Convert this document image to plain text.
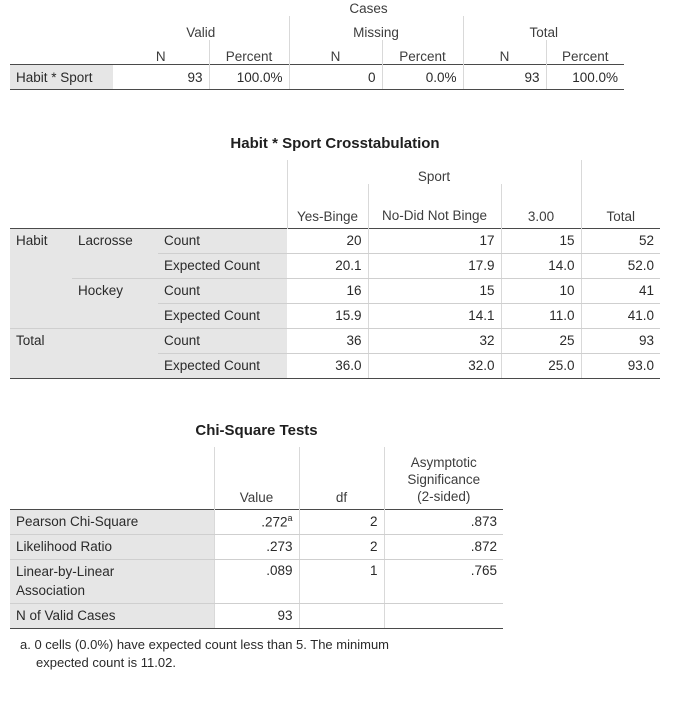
	Cases					
	Valid		Missing		Total	
	N	Percent	N	Percent	N	Percent
Habit * Sport	93	100.0%	0	0.0%	93	100.0%
Habit * Sport Crosstabulation
			Sport			
			Yes-Binge	No-Did Not Binge	3.00	Total
Habit	Lacrosse	Count	20	17	15	52
		Expected Count	20.1	17.9	14.0	52.0
	Hockey	Count	16	15	10	41
		Expected Count	15.9	14.1	11.0	41.0
Total		Count	36	32	25	93
		Expected Count	36.0	32.0	25.0	93.0
Chi-Square Tests
	Value	df	Asymptotic
Significance
(2-sided)

Pearson Chi-Square	.272$^a$	2	.873
Likelihood Ratio	.273	2	.872

Linear-by-Linear
Association	.089	1	.765
N of Valid Cases	93		
a. 0 cells (0.0%) have expected count less than 5. The minimum
expected count is 11.02.
